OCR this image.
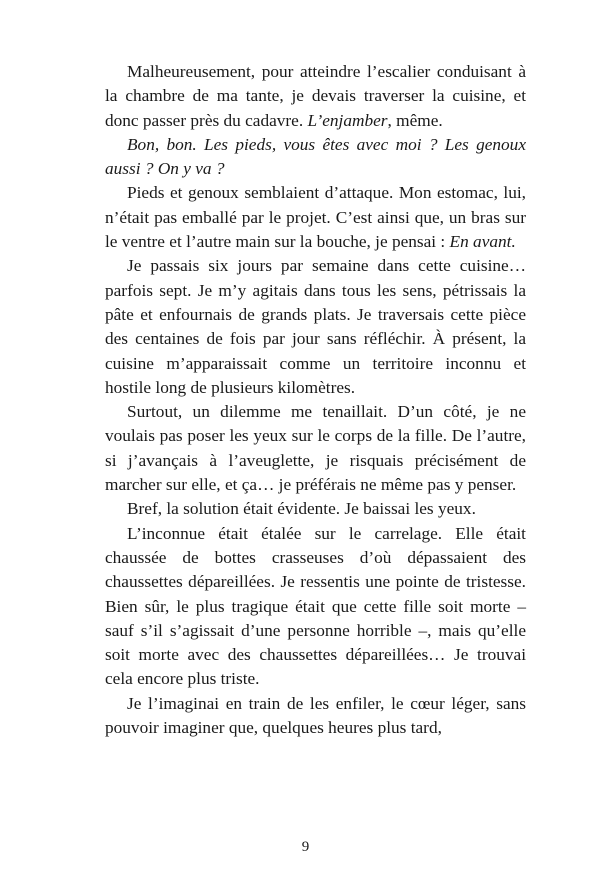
Malheureusement, pour atteindre l’escalier conduisant à la chambre de ma tante, je devais traverser la cuisine, et donc passer près du cadavre. L’enjamber, même.

Bon, bon. Les pieds, vous êtes avec moi ? Les genoux aussi ? On y va ?

Pieds et genoux semblaient d’attaque. Mon estomac, lui, n’était pas emballé par le projet. C’est ainsi que, un bras sur le ventre et l’autre main sur la bouche, je pensai : En avant.

Je passais six jours par semaine dans cette cuisine… parfois sept. Je m’y agitais dans tous les sens, pétrissais la pâte et enfournais de grands plats. Je traversais cette pièce des centaines de fois par jour sans réfléchir. À présent, la cuisine m’apparaissait comme un territoire inconnu et hostile long de plusieurs kilomètres.

Surtout, un dilemme me tenaillait. D’un côté, je ne voulais pas poser les yeux sur le corps de la fille. De l’autre, si j’avançais à l’aveuglette, je risquais précisément de marcher sur elle, et ça… je préférais ne même pas y penser.

Bref, la solution était évidente. Je baissai les yeux.

L’inconnue était étalée sur le carrelage. Elle était chaussée de bottes crasseuses d’où dépassaient des chaussettes dépareillées. Je ressentis une pointe de tristesse. Bien sûr, le plus tragique était que cette fille soit morte – sauf s’il s’agissait d’une personne horrible –, mais qu’elle soit morte avec des chaussettes dépareillées… Je trouvai cela encore plus triste.

Je l’imaginai en train de les enfiler, le cœur léger, sans pouvoir imaginer que, quelques heures plus tard,

9
